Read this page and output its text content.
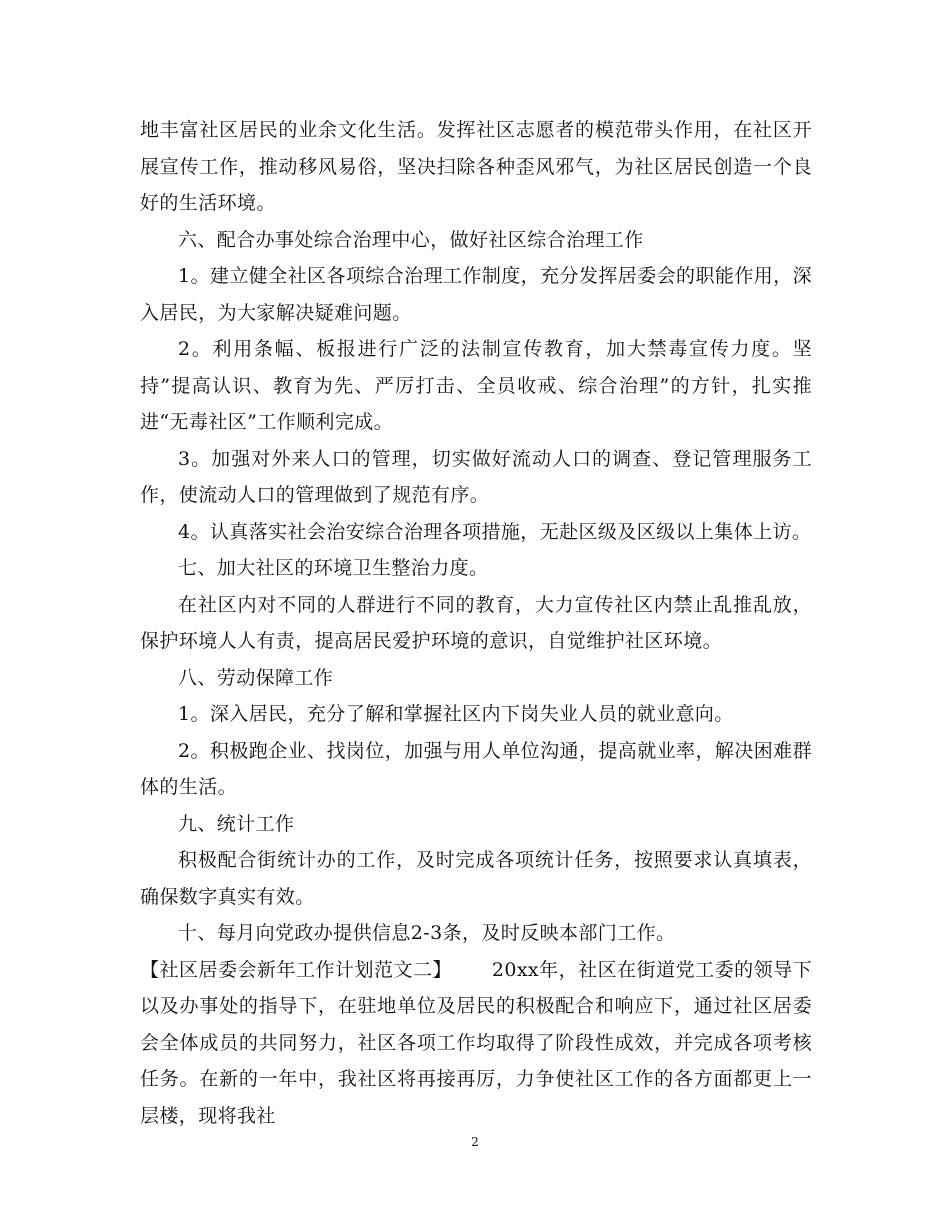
地丰富社区居民的业余文化生活。发挥社区志愿者的模范带头作用，在社区开展宣传工作，推动移风易俗，坚决扫除各种歪风邪气，为社区居民创造一个良好的生活环境。

六、配合办事处综合治理中心，做好社区综合治理工作

1。建立健全社区各项综合治理工作制度，充分发挥居委会的职能作用，深入居民，为大家解决疑难问题。

2。利用条幅、板报进行广泛的法制宣传教育，加大禁毒宣传力度。坚持”提高认识、教育为先、严厉打击、全员收戒、综合治理”的方针，扎实推进“无毒社区”工作顺利完成。

3。加强对外来人口的管理，切实做好流动人口的调查、登记管理服务工作，使流动人口的管理做到了规范有序。

4。认真落实社会治安综合治理各项措施，无赴区级及区级以上集体上访。

七、加大社区的环境卫生整治力度。

在社区内对不同的人群进行不同的教育，大力宣传社区内禁止乱推乱放，保护环境人人有责，提高居民爱护环境的意识，自觉维护社区环境。

八、劳动保障工作

1。深入居民，充分了解和掌握社区内下岗失业人员的就业意向。

2。积极跑企业、找岗位，加强与用人单位沟通，提高就业率，解决困难群体的生活。

九、统计工作

积极配合街统计办的工作，及时完成各项统计任务，按照要求认真填表，确保数字真实有效。

十、每月向党政办提供信息2-3条，及时反映本部门工作。

【社区居委会新年工作计划范文二】 20xx年，社区在街道党工委的领导下以及办事处的指导下，在驻地单位及居民的积极配合和响应下，通过社区居委会全体成员的共同努力，社区各项工作均取得了阶段性成效，并完成各项考核任务。在新的一年中，我社区将再接再厉，力争使社区工作的各方面都更上一层楼，现将我社

2
